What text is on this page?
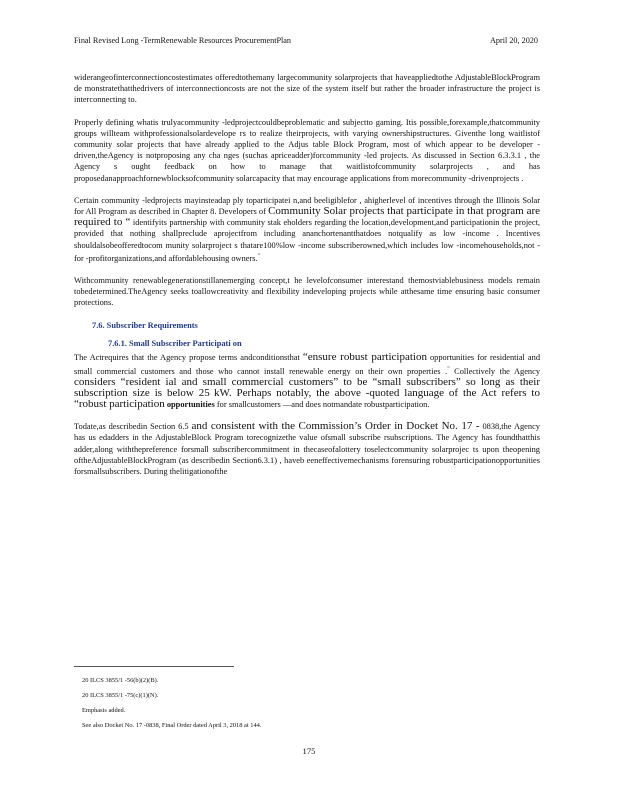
Final Revised Long -TermRenewable Resources ProcurementPlan	April 20, 2020

widerangeofinterconnectioncostestimates offeredtothemany largecommunity solarprojects that haveappliedtothe AdjustableBlockProgram de monstratethatthedrivers of interconnectioncosts are not the size of the system itself but rather the broader infrastructure the project is interconnecting to.

Properly defining whatis trulyacommunity -ledprojectcouldbeproblematic and subjectto gaming. Itis possible,forexample,thatcommunity groups willteam withprofessionalsolardevelope rs to realize theirprojects, with varying ownershipstructures. Giventhe long waitlistof community solar projects that have already applied to the Adjus table Block Program, most of which appear to be developer -driven,theAgency is notproposing any cha nges (suchas apriceadder)forcommunity -led projects. As discussed in Section 6.3.3.1 , the Agency s ought feedback on how to manage that waitlistofcommunity solarprojects , and has proposedanapproachfornewblocksofcommunity solarcapacity that may encourage applications from morecommunity -drivenprojects .

Certain community -ledprojects mayinsteadap ply toparticipatei n,and beeligiblefor , ahigherlevel of incentives through the Illinois Solar for All Program as described in Chapter 8. Developers of Community Solar projects that participate in that program are required to “ identifyits partnership with community stak eholders regarding the location,development,and participationin the project, provided that nothing shallpreclude aprojectfrom including ananchortenantthatdoes notqualify as low -income . Incentives shouldalsobeofferedtocom munity solarproject s thatare100%low -income subscriberowned,which includes low -incomehouseholds,not -for -profitorganizations,and affordablehousing owners.”

Withcommunity renewablegenerationstillanemerging concept,t he levelofconsumer interestand themostviablebusiness models remain tobedetermined.TheAgency seeks toallowcreativity and flexibility indeveloping projects while atthesame time ensuring basic consumer protections.

7.6. Subscriber Requirements
7.6.1. Small Subscriber Participati on

The Actrequires that the Agency propose terms andconditionsthat “ensure robust participation opportunities for residential and small commercial customers and those who cannot install renewable energy on their own properties .” Collectively the Agency considers “resident ial and small commercial customers” to be “small subscribers” so long as their subscription size is below 25 kW. Perhaps notably, the above -quoted language of the Act refers to “robust participation opportunities for smallcustomers —and does notmandate robustparticipation.

Todate,as describedin Section 6.5 and consistent with the Commission’s Order in Docket No. 17 - 0838,the Agency has us edadders in the AdjustableBlock Program torecognizethe value ofsmall subscribe rsubscriptions. The Agency has foundthatthis adder,along withthepreference forsmall subscribercommitment in thecaseofalottery toselectcommunity solarprojec ts upon theopening oftheAdjustableBlockProgram (as describedin Section6.3.1) , haveb eeneffectivemechanisms forensuring robustparticipationopportunities forsmallsubscribers. During thelitigationofthe

20 ILCS 3855/1 -56(b)(2)(B).

20 ILCS 3855/1 -75(c)(1)(N).

Emphasis added.

See also Docket No. 17 -0838, Final Order dated April 3, 2018 at 144.

175
